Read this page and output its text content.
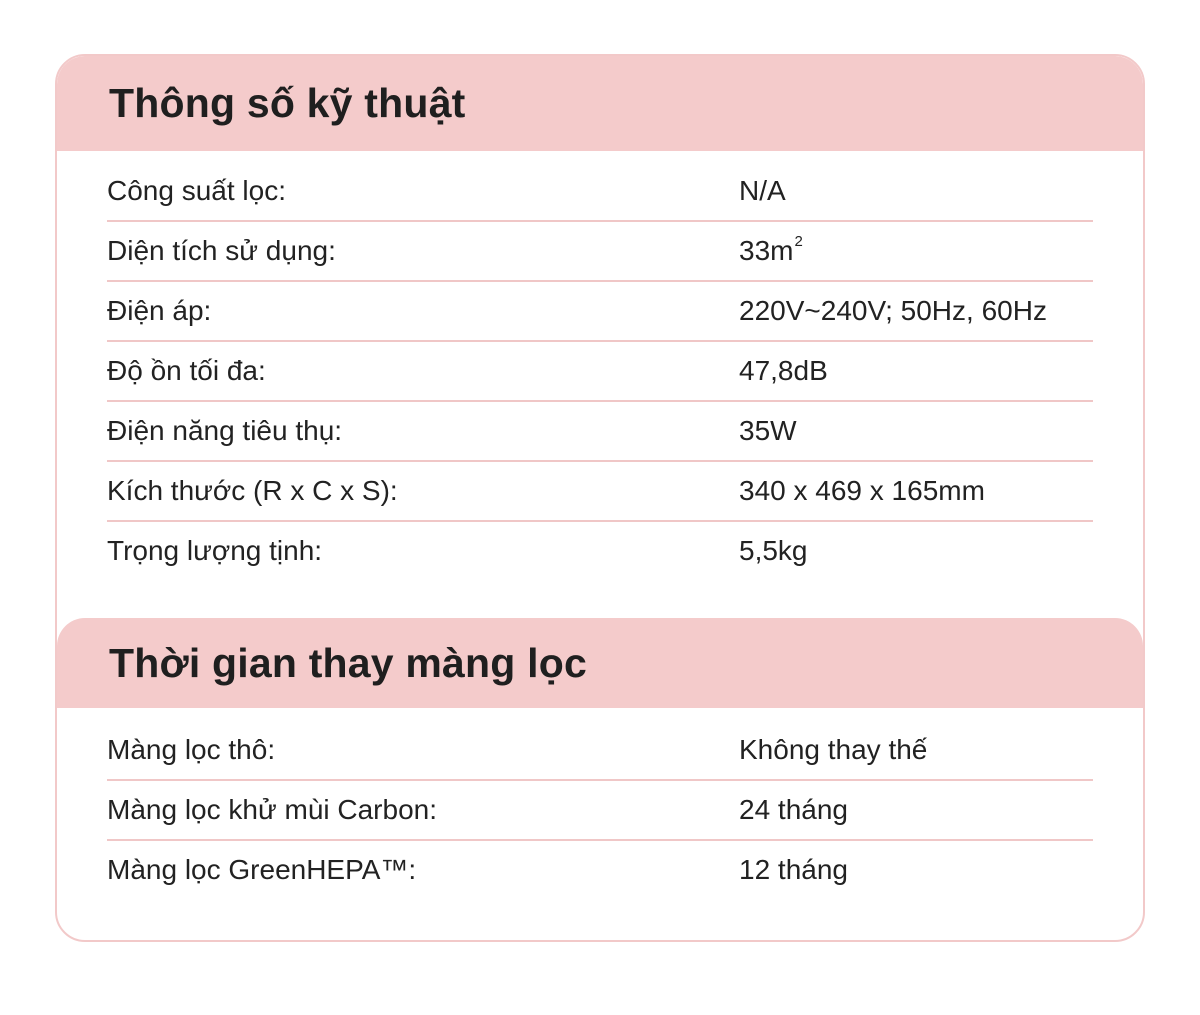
Thông số kỹ thuật
Công suất lọc:	N/A
Diện tích sử dụng:	$33m^2$
Điện áp:	220V~240V; 50Hz, 60Hz
Độ ồn tối đa:	47,8dB
Điện năng tiêu thụ:	35W
Kích thước (R x C x S):	340 x 469 x 165mm
Trọng lượng tịnh:	5,5kg
Thời gian thay màng lọc
Màng lọc thô:	Không thay thế
Màng lọc khử mùi Carbon:	24 tháng
Màng lọc GreenHEPA™:	12 tháng
